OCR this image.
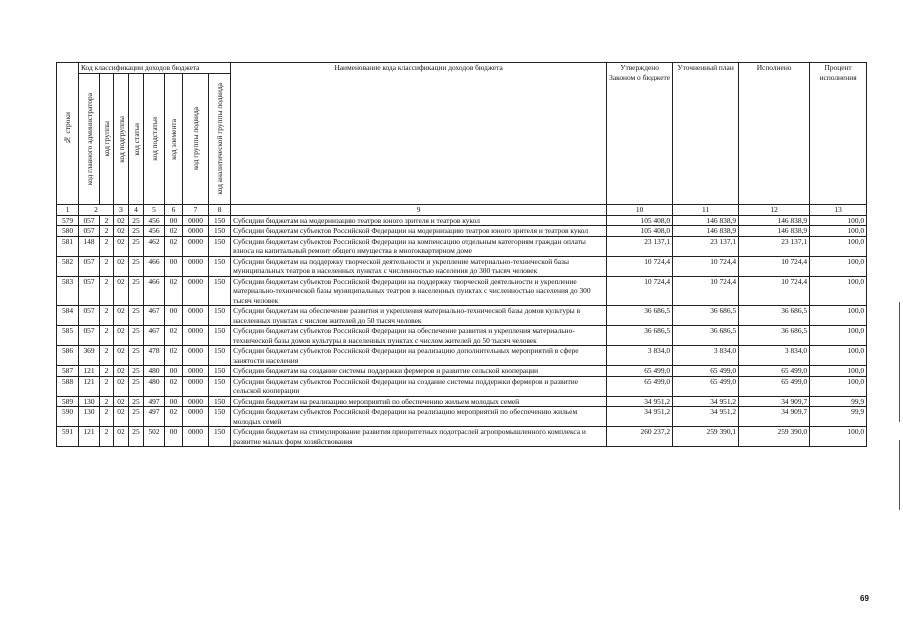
№ строки	Код классификации доходов бюджета								Наименование кода классификации доходов бюджета	Утверждено Законом о бюджете	Уточненный план	Исполнено	Процент исполнения

	код главного администратора	код группы	код подгруппы	код статьи	код подстатьи	код элемента	код группы подвида	код аналитической группы подвида					

1	2		3	4	5	6	7	8	9	10	11	12	13
579	057	2	02	25	456	00	0000	150	Субсидии бюджетам на модернизацию театров юного зрителя и театров кукол	105 408,0	146 838,9	146 838,9	100,0
580	057	2	02	25	456	02	0000	150	Субсидии бюджетам субъектов Российской Федерации на модернизацию театров юного зрителя и театров кукол	105 408,0	146 838,9	146 838,9	100,0
581	148	2	02	25	462	02	0000	150	Субсидии бюджетам субъектов Российской Федерации на компенсацию отдельным категориям граждан оплаты взноса на капитальный ремонт общего имущества в многоквартирном доме	23 137,1	23 137,1	23 137,1	100,0
582	057	2	02	25	466	00	0000	150	Субсидии бюджетам на поддержку творческой деятельности и укрепление материально-технической базы муниципальных театров в населенных пунктах с численностью населения до 300 тысяч человек	10 724,4	10 724,4	10 724,4	100,0
583	057	2	02	25	466	02	0000	150	Субсидии бюджетам субъектов Российской Федерации на поддержку творческой деятельности и укрепление материально-технической базы муниципальных театров в населенных пунктах с численностью населения до 300 тысяч человек	10 724,4	10 724,4	10 724,4	100,0
584	057	2	02	25	467	00	0000	150	Субсидии бюджетам на обеспечение развития и укрепления материально-технической базы домов культуры в населенных пунктах с числом жителей до 50 тысяч человек	36 686,5	36 686,5	36 686,5	100,0
585	057	2	02	25	467	02	0000	150	Субсидии бюджетам субъектов Российской Федерации на обеспечение развития и укрепления материально-технической базы домов культуры в населенных пунктах с числом жителей до 50 тысяч человек	36 686,5	36 686,5	36 686,5	100,0
586	369	2	02	25	478	02	0000	150	Субсидии бюджетам субъектов Российской Федерации на реализацию дополнительных мероприятий в сфере занятости населения	3 834,0	3 834,0	3 834,0	100,0
587	121	2	02	25	480	00	0000	150	Субсидии бюджетам на создание системы поддержки фермеров и развитие сельской кооперации	65 499,0	65 499,0	65 499,0	100,0
588	121	2	02	25	480	02	0000	150	Субсидии бюджетам субъектов Российской Федерации на создание системы поддержки фермеров и развитие сельской кооперации	65 499,0	65 499,0	65 499,0	100,0
589	130	2	02	25	497	00	0000	150	Субсидии бюджетам на реализацию мероприятий по обеспечению жильем молодых семей	34 951,2	34 951,2	34 909,7	99,9
590	130	2	02	25	497	02	0000	150	Субсидии бюджетам субъектов Российской Федерации на реализацию мероприятий по обеспечению жильем молодых семей	34 951,2	34 951,2	34 909,7	99,9
591	121	2	02	25	502	00	0000	150	Субсидии бюджетам на стимулирование развития приоритетных подотраслей агропромышленного комплекса и развитие малых форм хозяйствования	260 237,2	259 390,1	259 390,0	100,0
69
